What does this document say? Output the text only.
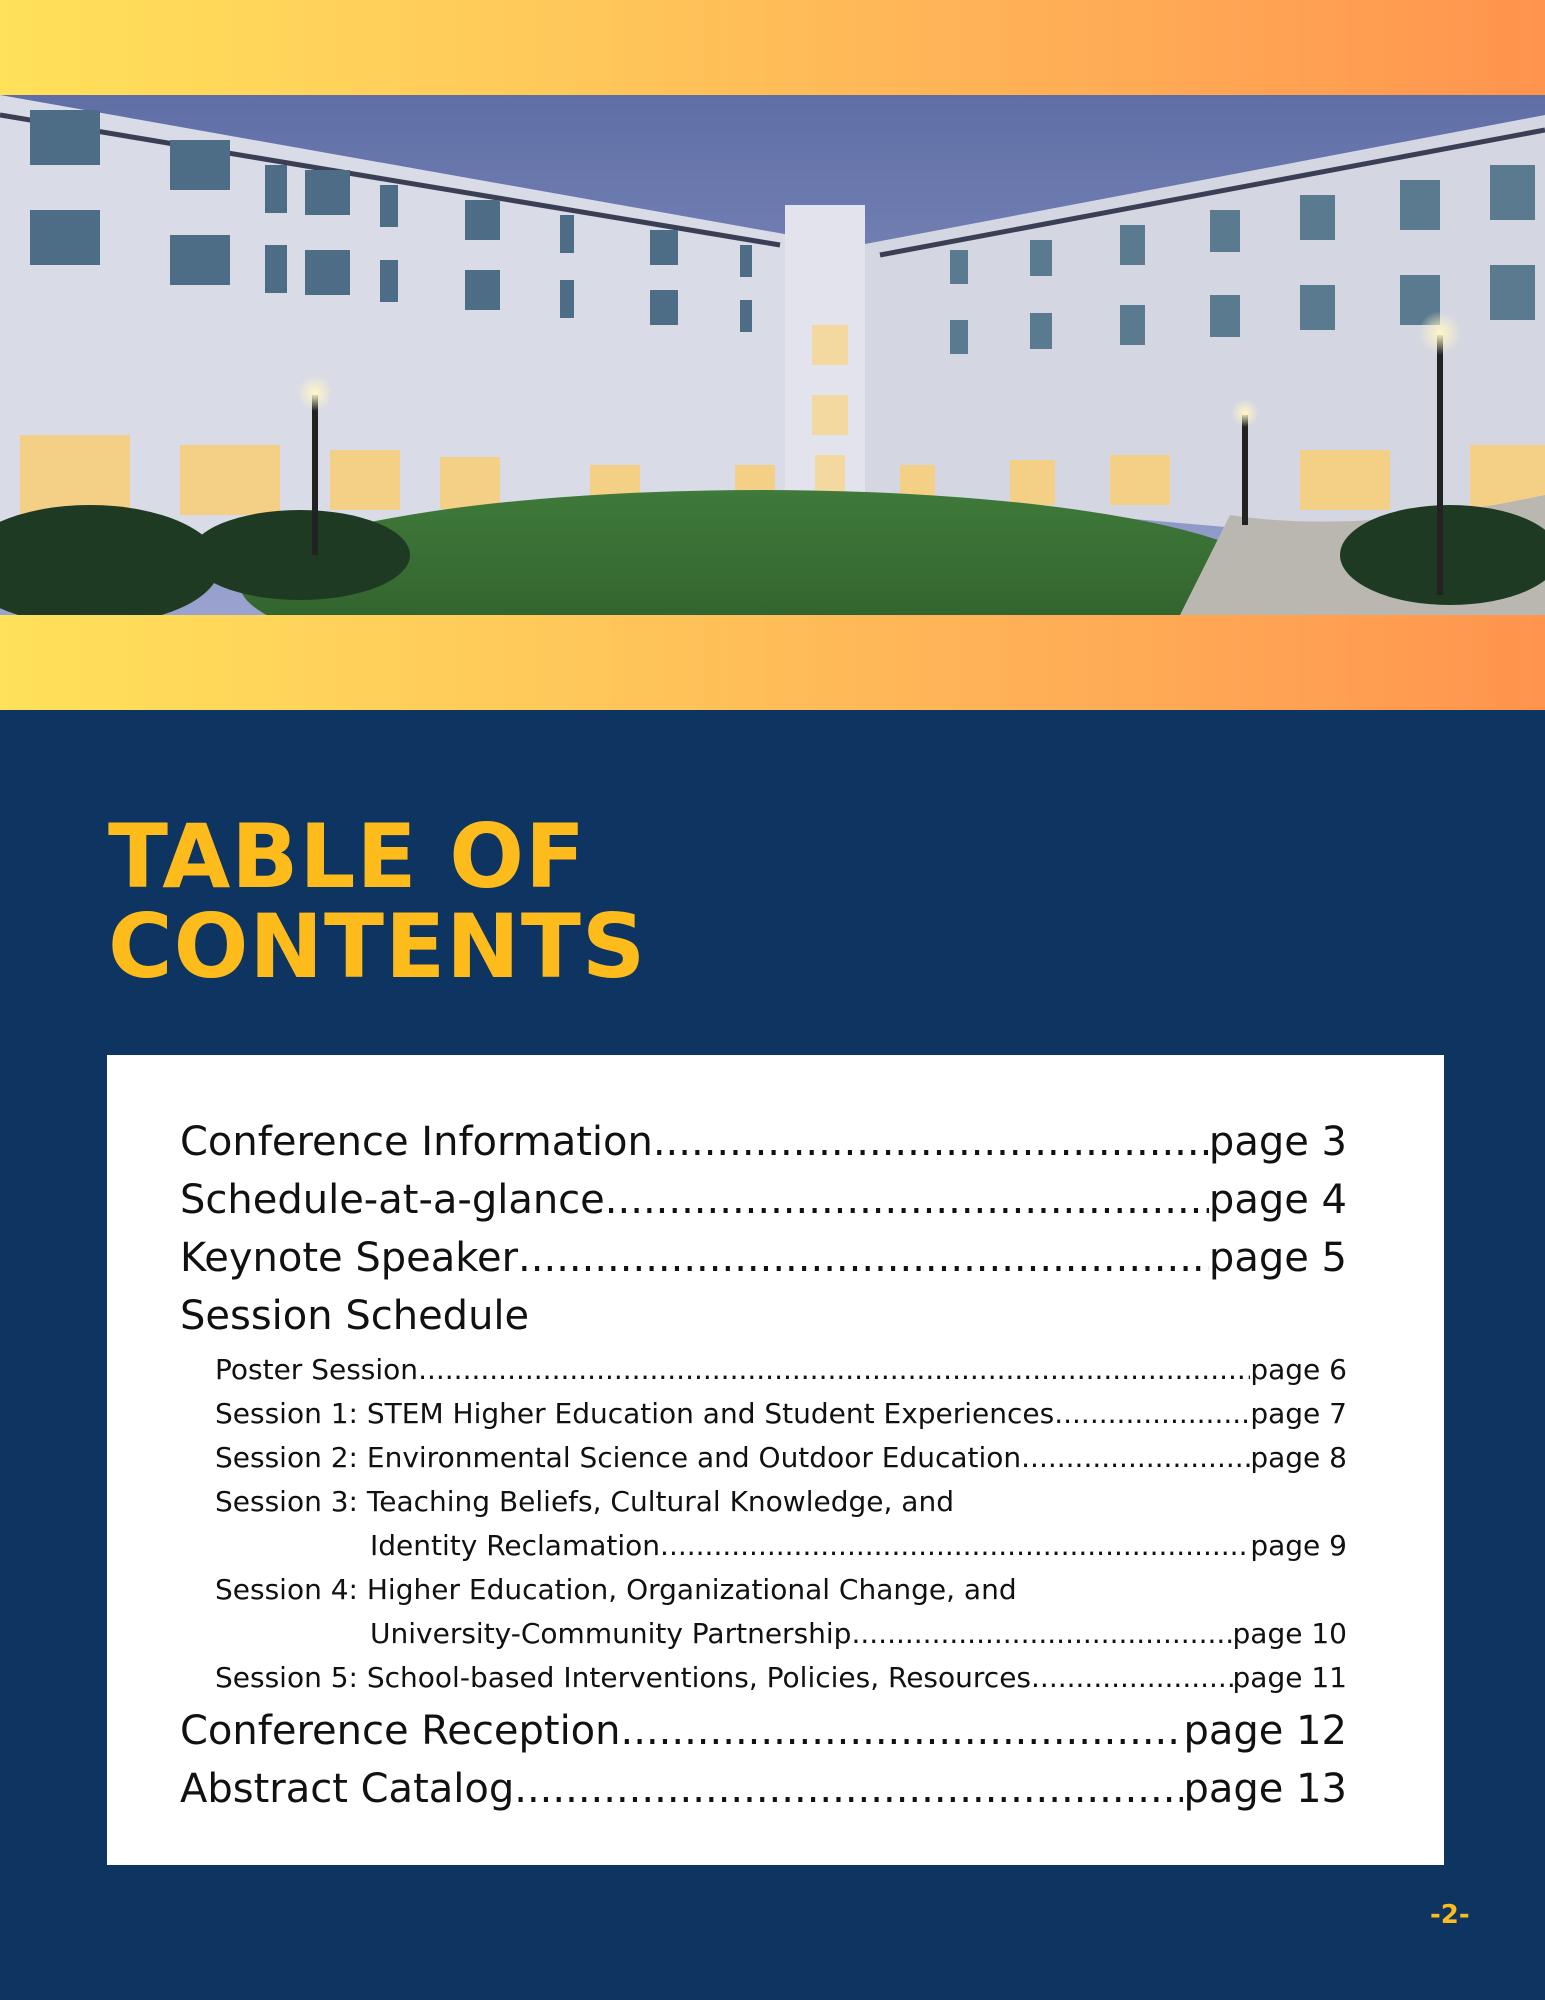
TABLE OF
CONTENTS
Conference Information .....	page 3
Schedule-at-a-glance .....	page 4
Keynote Speaker .....	page 5
Session Schedule
Poster Session .....	page 6
Session 1: STEM Higher Education and Student Experiences .....	page 7
Session 2: Environmental Science and Outdoor Education .....	page 8
Session 3: Teaching Beliefs, Cultural Knowledge, and
Identity Reclamation .....	page 9
Session 4: Higher Education, Organizational Change, and
University-Community Partnership .....	page 10
Session 5: School-based Interventions, Policies, Resources .....	page 11
Conference Reception .....	page 12
Abstract Catalog .....	page 13
-2-
